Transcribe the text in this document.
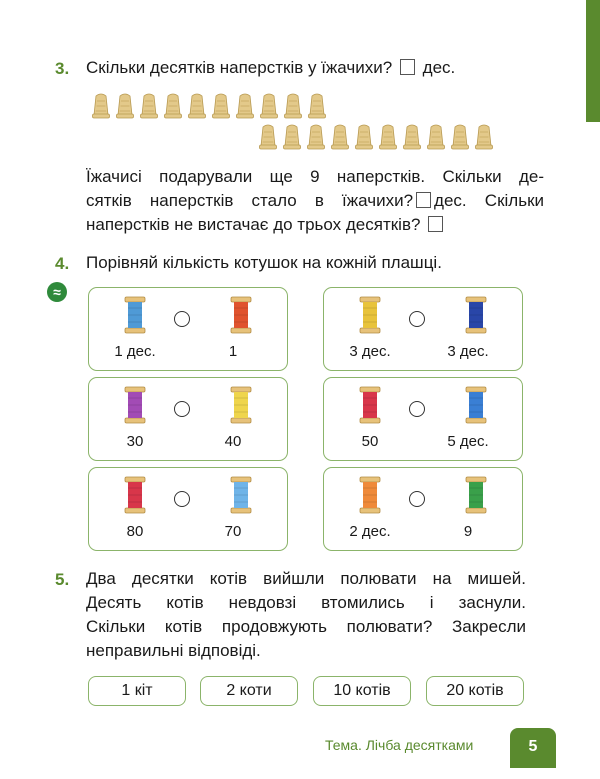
3. Скільки десятків наперстків у їжачихи? дес.
Їжачисі подарували ще 9 наперстків. Скільки де-
сятків наперстків стало в їжачихи? дес. Скільки
наперстків не вистачає до трьох десятків?
4. Порівняй кількість котушок на кожній плашці.
≈
1 дес.	1	3 дес.	3 дес.
30	40	50	5 дес.
80	70	2 дес.	9
5. Два десятки котів вийшли полювати на мишей.
Десять котів невдовзі втомились і заснули.
Скільки котів продовжують полювати? Закресли
неправильні відповіді.
1 кіт	2 коти	10 котів	20 котів
Тема. Лічба десятками	5
